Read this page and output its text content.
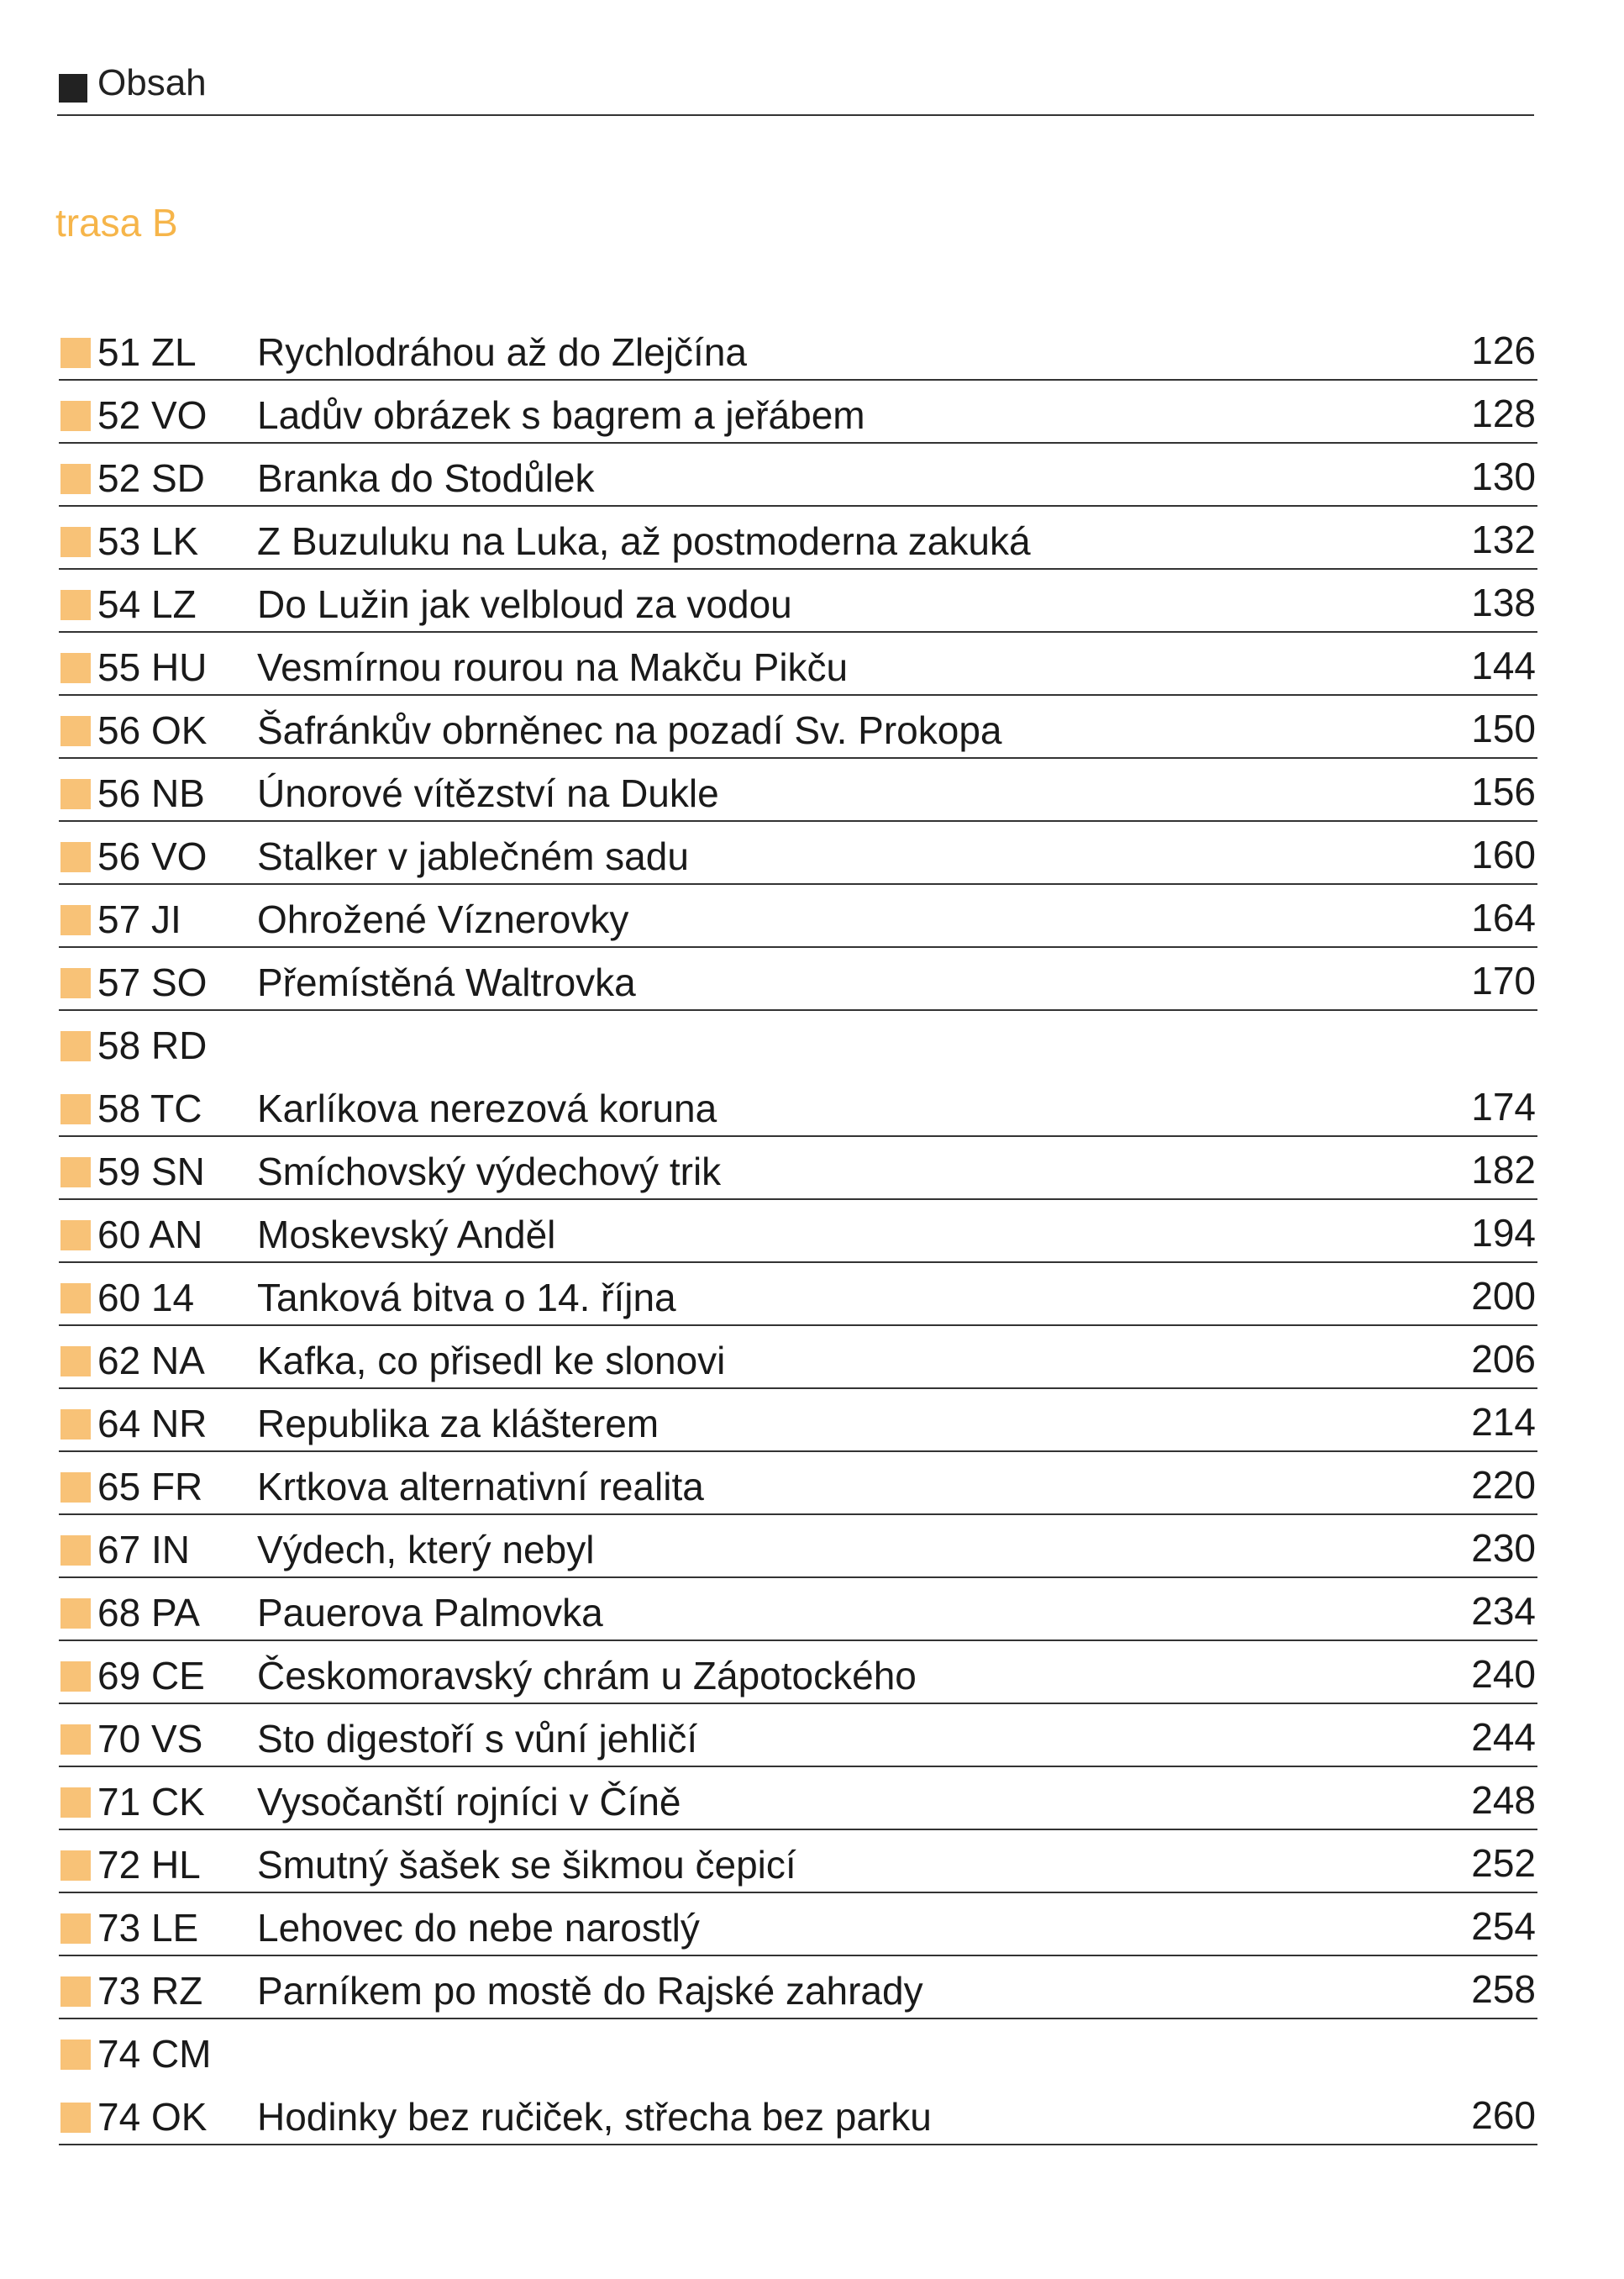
Obsah
trasa B
51 ZL Rychlodráhou až do Zlejčína	126
52 VO Ladův obrázek s bagrem a jeřábem	128
52 SD Branka do Stodůlek	130
53 LK Z Buzuluku na Luka, až postmoderna zakuká	132
54 LZ Do Lužin jak velbloud za vodou	138
55 HU Vesmírnou rourou na Makču Pikču	144
56 OK Šafránkův obrněnec na pozadí Sv. Prokopa	150
56 NB Únorové vítězství na Dukle	156
56 VO Stalker v jablečném sadu	160
57 JI Ohrožené Víznerovky	164
57 SO Přemístěná Waltrovka	170
58 RD
58 TC Karlíkova nerezová koruna	174
59 SN Smíchovský výdechový trik	182
60 AN Moskevský Anděl	194
60 14 Tanková bitva o 14. října	200
62 NA Kafka, co přisedl ke slonovi	206
64 NR Republika za klášterem	214
65 FR Krtkova alternativní realita	220
67 IN Výdech, který nebyl	230
68 PA Pauerova Palmovka	234
69 CE Českomoravský chrám u Zápotockého	240
70 VS Sto digestoří s vůní jehličí	244
71 CK Vysočanští rojníci v Číně	248
72 HL Smutný šašek se šikmou čepicí	252
73 LE Lehovec do nebe narostlý	254
73 RZ Parníkem po mostě do Rajské zahrady	258
74 CM
74 OK Hodinky bez ručiček, střecha bez parku	260
